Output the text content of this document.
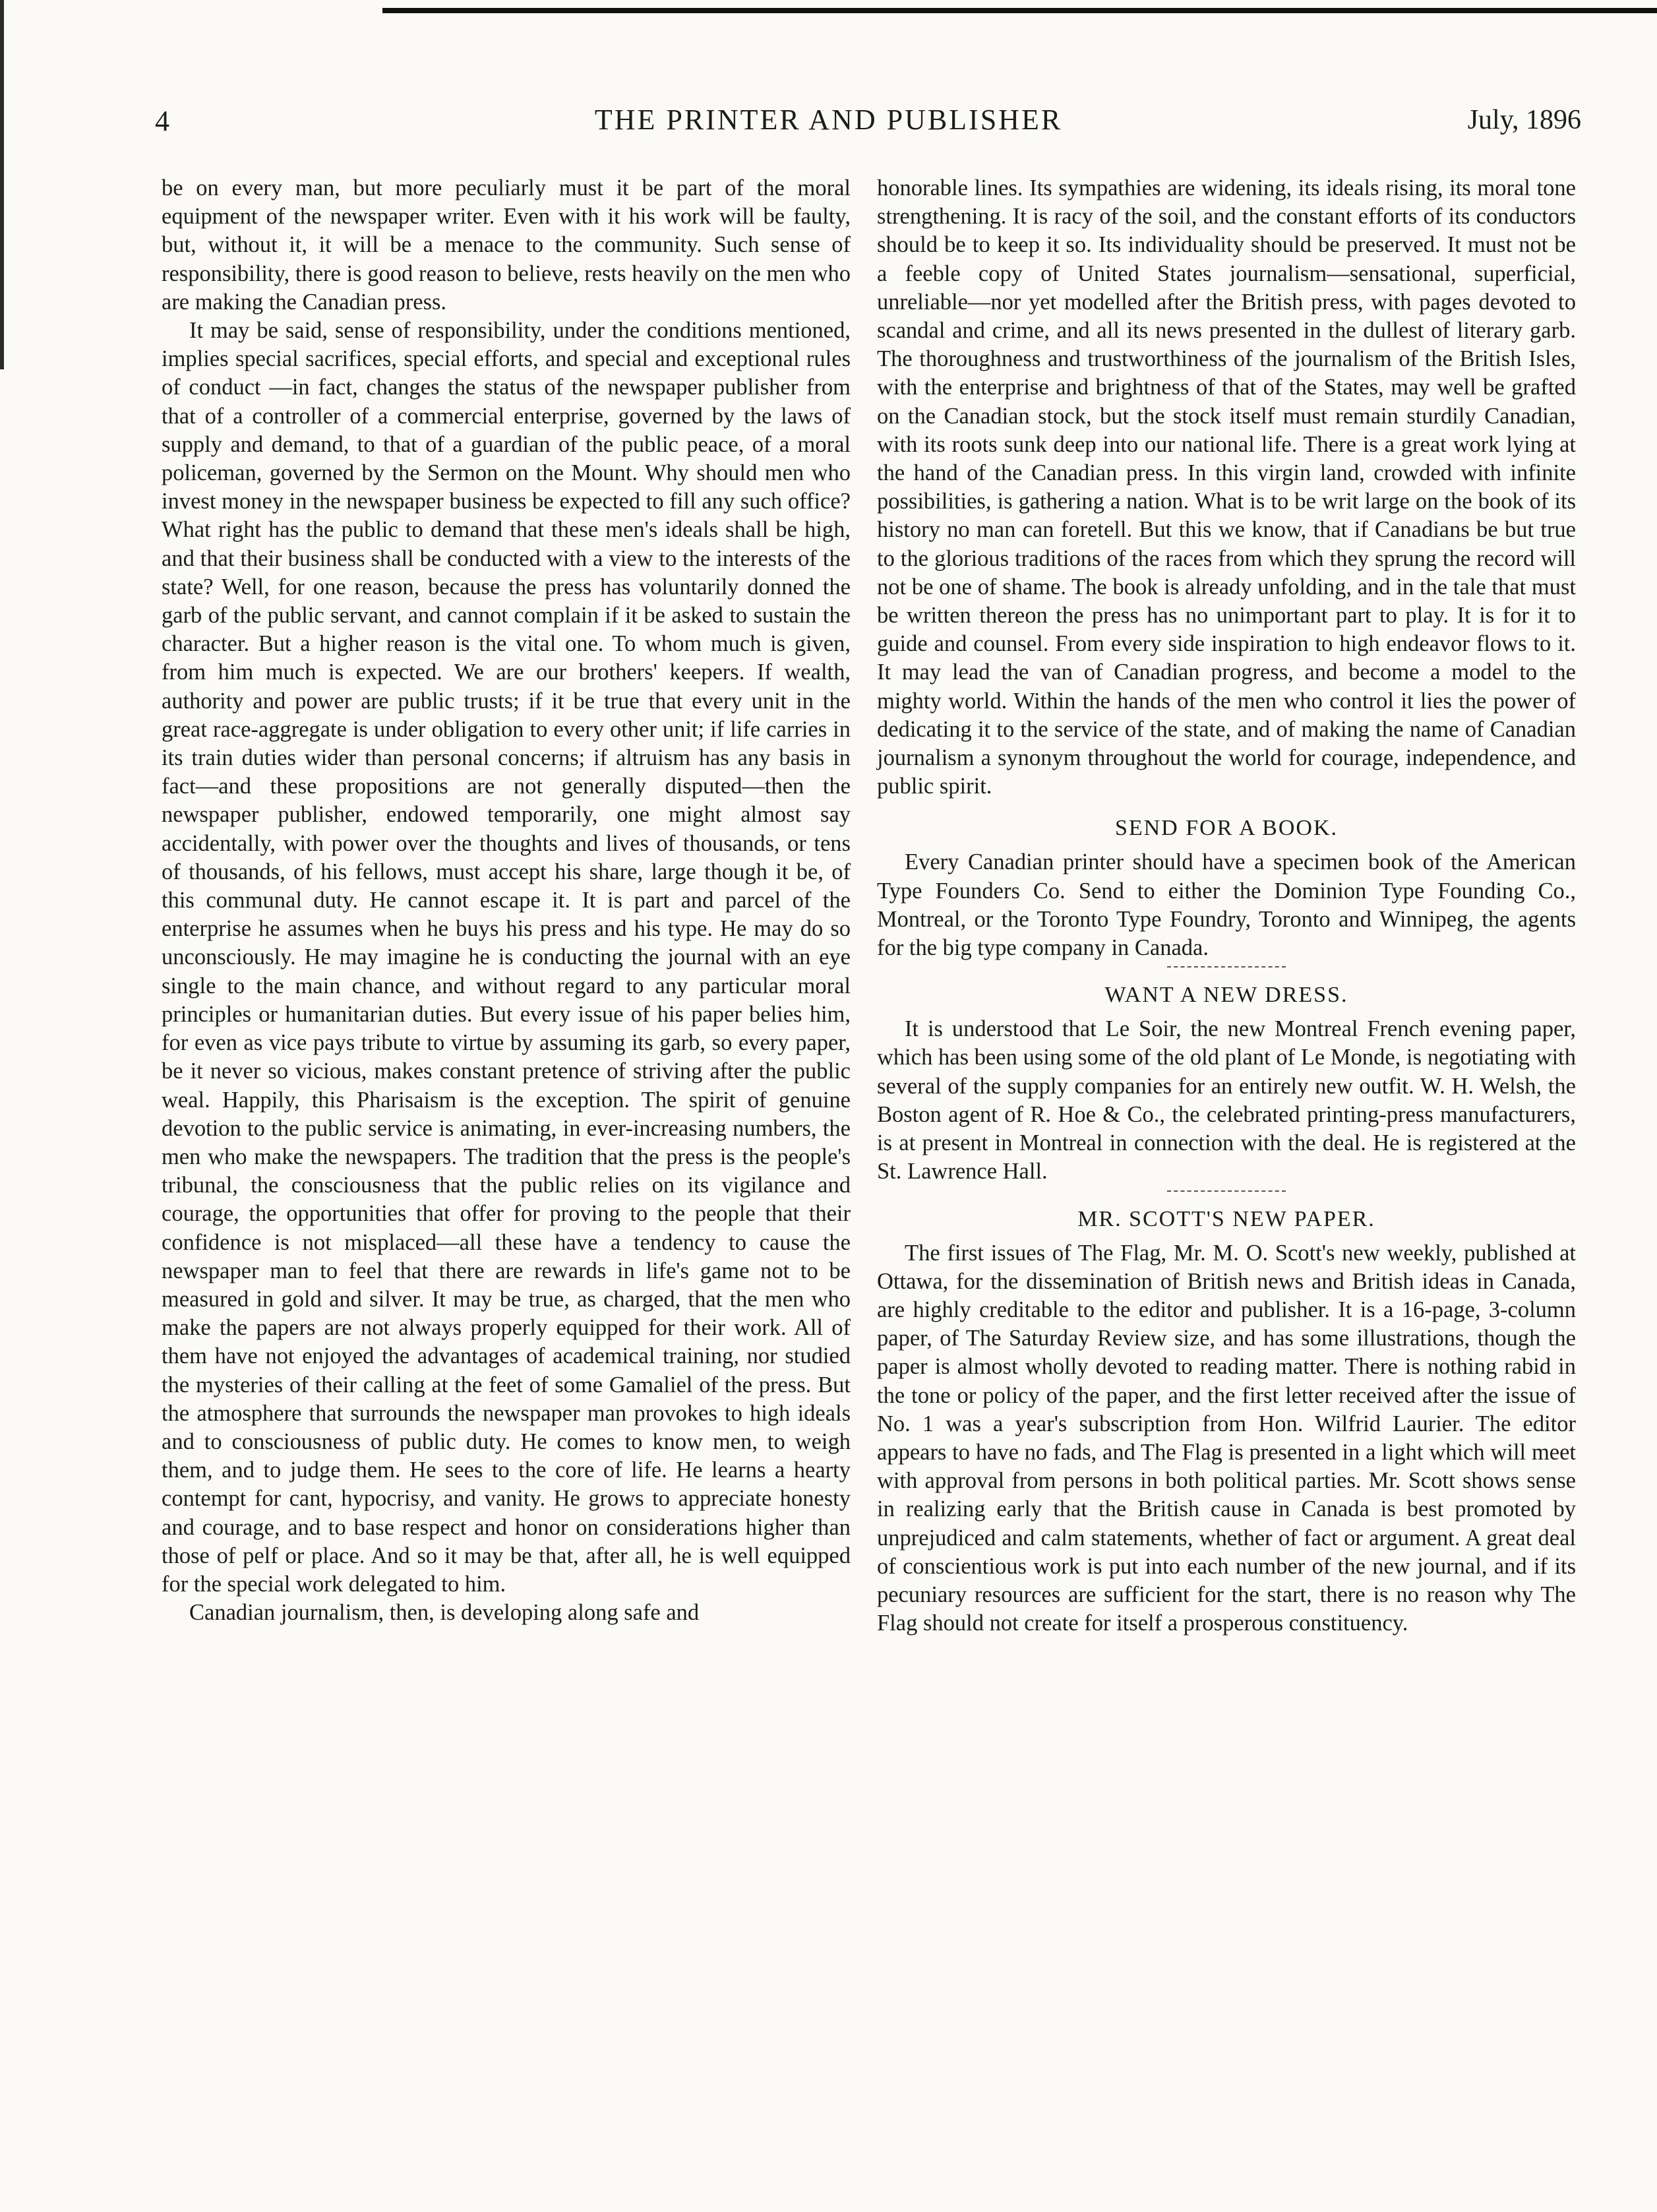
4	THE PRINTER AND PUBLISHER	July, 1896

be on every man, but more peculiarly must it be part of the moral equipment of the newspaper writer. Even with it his work will be faulty, but, without it, it will be a menace to the community. Such sense of responsibility, there is good reason to believe, rests heavily on the men who are making the Canadian press.

It may be said, sense of responsibility, under the conditions mentioned, implies special sacrifices, special efforts, and special and exceptional rules of conduct —in fact, changes the status of the newspaper publisher from that of a controller of a commercial enterprise, governed by the laws of supply and demand, to that of a guardian of the public peace, of a moral policeman, governed by the Sermon on the Mount. Why should men who invest money in the newspaper business be expected to fill any such office? What right has the public to demand that these men's ideals shall be high, and that their business shall be conducted with a view to the interests of the state? Well, for one reason, because the press has voluntarily donned the garb of the public servant, and cannot complain if it be asked to sustain the character. But a higher reason is the vital one. To whom much is given, from him much is expected. We are our brothers' keepers. If wealth, authority and power are public trusts; if it be true that every unit in the great race-aggregate is under obligation to every other unit; if life carries in its train duties wider than personal concerns; if altruism has any basis in fact—and these propositions are not generally disputed—then the newspaper publisher, endowed temporarily, one might almost say accidentally, with power over the thoughts and lives of thousands, or tens of thousands, of his fellows, must accept his share, large though it be, of this communal duty. He cannot escape it. It is part and parcel of the enterprise he assumes when he buys his press and his type. He may do so unconsciously. He may imagine he is conducting the journal with an eye single to the main chance, and without regard to any particular moral principles or humanitarian duties. But every issue of his paper belies him, for even as vice pays tribute to virtue by assuming its garb, so every paper, be it never so vicious, makes constant pretence of striving after the public weal. Happily, this Pharisaism is the exception. The spirit of genuine devotion to the public service is animating, in ever-increasing numbers, the men who make the newspapers. The tradition that the press is the people's tribunal, the consciousness that the public relies on its vigilance and courage, the opportunities that offer for proving to the people that their confidence is not misplaced—all these have a tendency to cause the newspaper man to feel that there are rewards in life's game not to be measured in gold and silver. It may be true, as charged, that the men who make the papers are not always properly equipped for their work. All of them have not enjoyed the advantages of academical training, nor studied the mysteries of their calling at the feet of some Gamaliel of the press. But the atmosphere that surrounds the newspaper man provokes to high ideals and to consciousness of public duty. He comes to know men, to weigh them, and to judge them. He sees to the core of life. He learns a hearty contempt for cant, hypocrisy, and vanity. He grows to appreciate honesty and courage, and to base respect and honor on considerations higher than those of pelf or place. And so it may be that, after all, he is well equipped for the special work delegated to him.

Canadian journalism, then, is developing along safe and

honorable lines. Its sympathies are widening, its ideals rising, its moral tone strengthening. It is racy of the soil, and the constant efforts of its conductors should be to keep it so. Its individuality should be preserved. It must not be a feeble copy of United States journalism—sensational, superficial, unreliable—nor yet modelled after the British press, with pages devoted to scandal and crime, and all its news presented in the dullest of literary garb. The thoroughness and trustworthiness of the journalism of the British Isles, with the enterprise and brightness of that of the States, may well be grafted on the Canadian stock, but the stock itself must remain sturdily Canadian, with its roots sunk deep into our national life. There is a great work lying at the hand of the Canadian press. In this virgin land, crowded with infinite possibilities, is gathering a nation. What is to be writ large on the book of its history no man can foretell. But this we know, that if Canadians be but true to the glorious traditions of the races from which they sprung the record will not be one of shame. The book is already unfolding, and in the tale that must be written thereon the press has no unimportant part to play. It is for it to guide and counsel. From every side inspiration to high endeavor flows to it. It may lead the van of Canadian progress, and become a model to the mighty world. Within the hands of the men who control it lies the power of dedicating it to the service of the state, and of making the name of Canadian journalism a synonym throughout the world for courage, independence, and public spirit.

SEND FOR A BOOK.

Every Canadian printer should have a specimen book of the American Type Founders Co. Send to either the Dominion Type Founding Co., Montreal, or the Toronto Type Foundry, Toronto and Winnipeg, the agents for the big type company in Canada.

WANT A NEW DRESS.

It is understood that Le Soir, the new Montreal French evening paper, which has been using some of the old plant of Le Monde, is negotiating with several of the supply companies for an entirely new outfit. W. H. Welsh, the Boston agent of R. Hoe & Co., the celebrated printing-press manufacturers, is at present in Montreal in connection with the deal. He is registered at the St. Lawrence Hall.

MR. SCOTT'S NEW PAPER.

The first issues of The Flag, Mr. M. O. Scott's new weekly, published at Ottawa, for the dissemination of British news and British ideas in Canada, are highly creditable to the editor and publisher. It is a 16-page, 3-column paper, of The Saturday Review size, and has some illustrations, though the paper is almost wholly devoted to reading matter. There is nothing rabid in the tone or policy of the paper, and the first letter received after the issue of No. 1 was a year's subscription from Hon. Wilfrid Laurier. The editor appears to have no fads, and The Flag is presented in a light which will meet with approval from persons in both political parties. Mr. Scott shows sense in realizing early that the British cause in Canada is best promoted by unprejudiced and calm statements, whether of fact or argument. A great deal of conscientious work is put into each number of the new journal, and if its pecuniary resources are sufficient for the start, there is no reason why The Flag should not create for itself a prosperous constituency.
